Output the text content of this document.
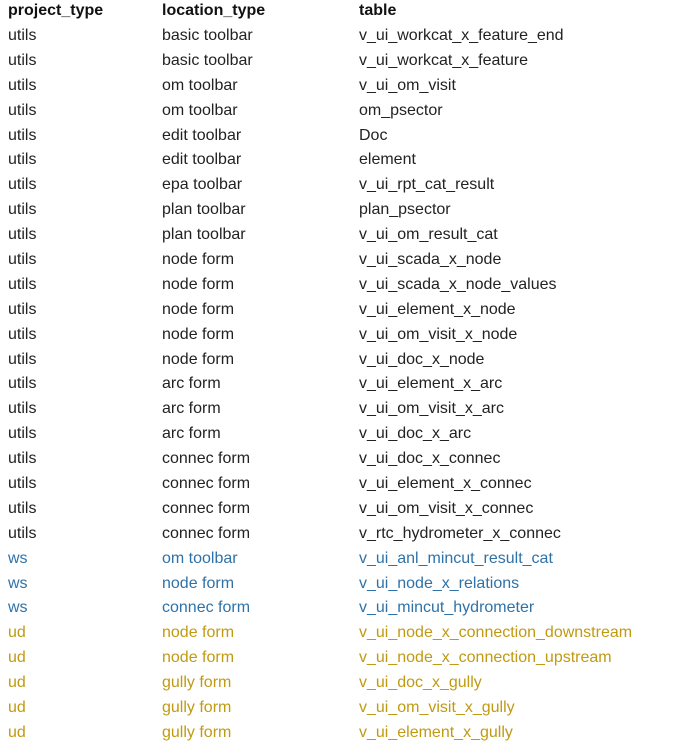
project_type	location_type	table
utils	basic toolbar	v_ui_workcat_x_feature_end
utils	basic toolbar	v_ui_workcat_x_feature
utils	om toolbar	v_ui_om_visit
utils	om toolbar	om_psector
utils	edit toolbar	Doc
utils	edit toolbar	element
utils	epa toolbar	v_ui_rpt_cat_result
utils	plan toolbar	plan_psector
utils	plan toolbar	v_ui_om_result_cat
utils	node form	v_ui_scada_x_node
utils	node form	v_ui_scada_x_node_values
utils	node form	v_ui_element_x_node
utils	node form	v_ui_om_visit_x_node
utils	node form	v_ui_doc_x_node
utils	arc form	v_ui_element_x_arc
utils	arc form	v_ui_om_visit_x_arc
utils	arc form	v_ui_doc_x_arc
utils	connec form	v_ui_doc_x_connec
utils	connec form	v_ui_element_x_connec
utils	connec form	v_ui_om_visit_x_connec
utils	connec form	v_rtc_hydrometer_x_connec
ws	om toolbar	v_ui_anl_mincut_result_cat
ws	node form	v_ui_node_x_relations
ws	connec form	v_ui_mincut_hydrometer
ud	node form	v_ui_node_x_connection_downstream
ud	node form	v_ui_node_x_connection_upstream
ud	gully form	v_ui_doc_x_gully
ud	gully form	v_ui_om_visit_x_gully
ud	gully form	v_ui_element_x_gully
